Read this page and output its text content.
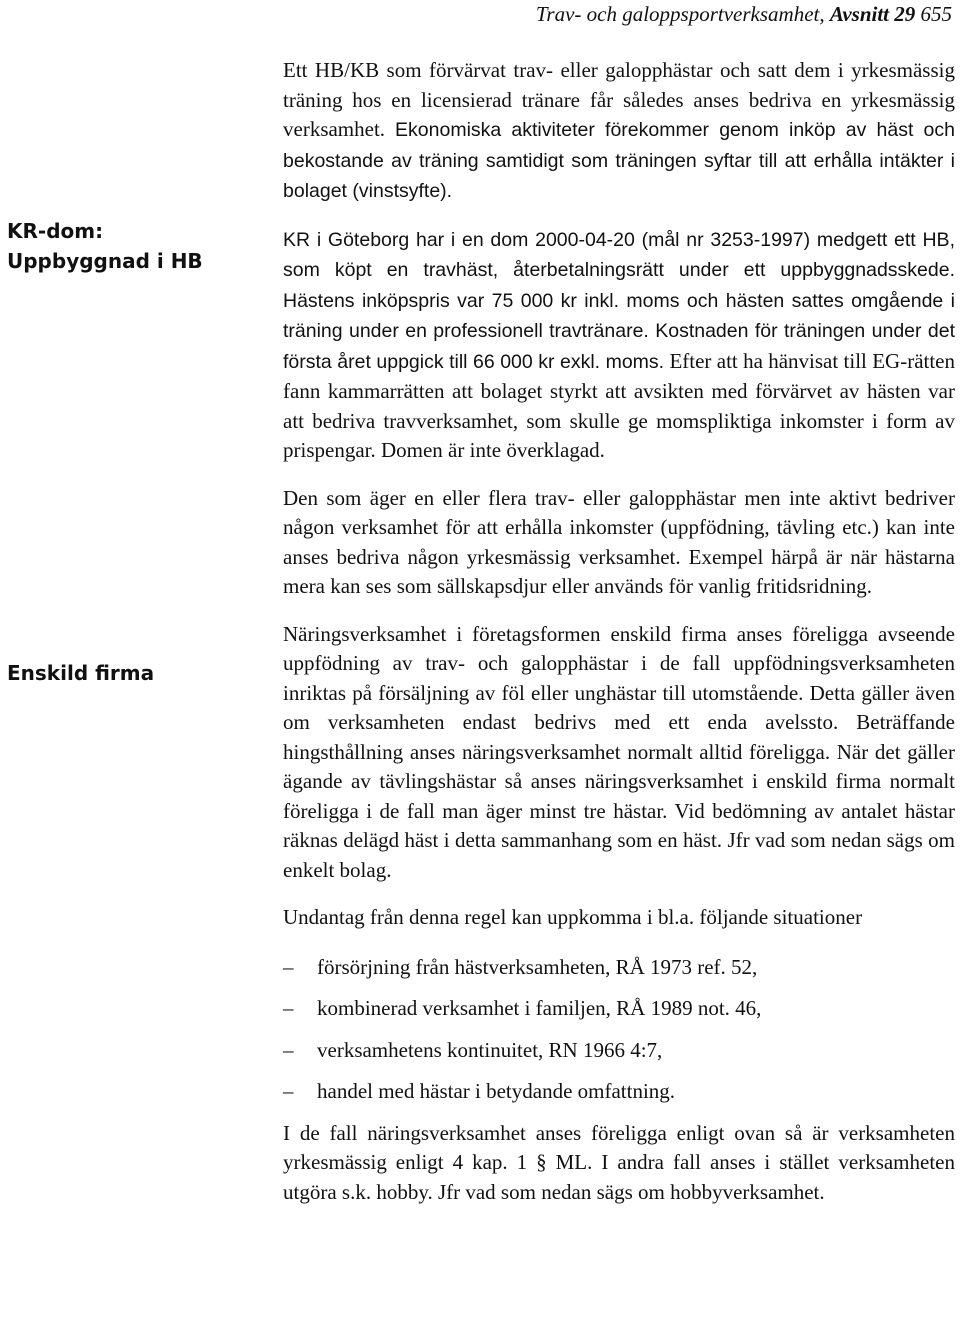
Trav- och galoppsportverksamhet, Avsnitt 29 655
KR-dom:
Uppbyggnad i HB
Enskild firma

Ett HB/KB som förvärvat trav- eller galopphästar och satt dem i yrkesmässig träning hos en licensierad tränare får således anses bedriva en yrkesmässig verksamhet. Ekonomiska aktiviteter förekommer genom inköp av häst och bekostande av träning samtidigt som träningen syftar till att erhålla intäkter i bolaget (vinstsyfte).

KR i Göteborg har i en dom 2000-04-20 (mål nr 3253-1997) medgett ett HB, som köpt en travhäst, återbetalningsrätt under ett uppbyggnadsskede. Hästens inköpspris var 75 000 kr inkl. moms och hästen sattes omgående i träning under en professionell travtränare. Kostnaden för träningen under det första året uppgick till 66 000 kr exkl. moms. Efter att ha hänvisat till EG-rätten fann kammarrätten att bolaget styrkt att avsikten med förvärvet av hästen var att bedriva travverksamhet, som skulle ge momspliktiga inkomster i form av prispengar. Domen är inte överklagad.

Den som äger en eller flera trav- eller galopphästar men inte aktivt bedriver någon verksamhet för att erhålla inkomster (uppfödning, tävling etc.) kan inte anses bedriva någon yrkesmässig verksamhet. Exempel härpå är när hästarna mera kan ses som sällskapsdjur eller används för vanlig fritidsridning.

Näringsverksamhet i företagsformen enskild firma anses föreligga avseende uppfödning av trav- och galopphästar i de fall uppfödningsverksamheten inriktas på försäljning av föl eller unghästar till utomstående. Detta gäller även om verksamheten endast bedrivs med ett enda avelssto. Beträffande hingsthållning anses näringsverksamhet normalt alltid föreligga. När det gäller ägande av tävlingshästar så anses näringsverksamhet i enskild firma normalt föreligga i de fall man äger minst tre hästar. Vid bedömning av antalet hästar räknas delägd häst i detta sammanhang som en häst. Jfr vad som nedan sägs om enkelt bolag.

Undantag från denna regel kan uppkomma i bl.a. följande situationer

– försörjning från hästverksamheten, RÅ 1973 ref. 52,
– kombinerad verksamhet i familjen, RÅ 1989 not. 46,
– verksamhetens kontinuitet, RN 1966 4:7,
– handel med hästar i betydande omfattning.

I de fall näringsverksamhet anses föreligga enligt ovan så är verksamheten yrkesmässig enligt 4 kap. 1 § ML. I andra fall anses i stället verksamheten utgöra s.k. hobby. Jfr vad som nedan sägs om hobbyverksamhet.
